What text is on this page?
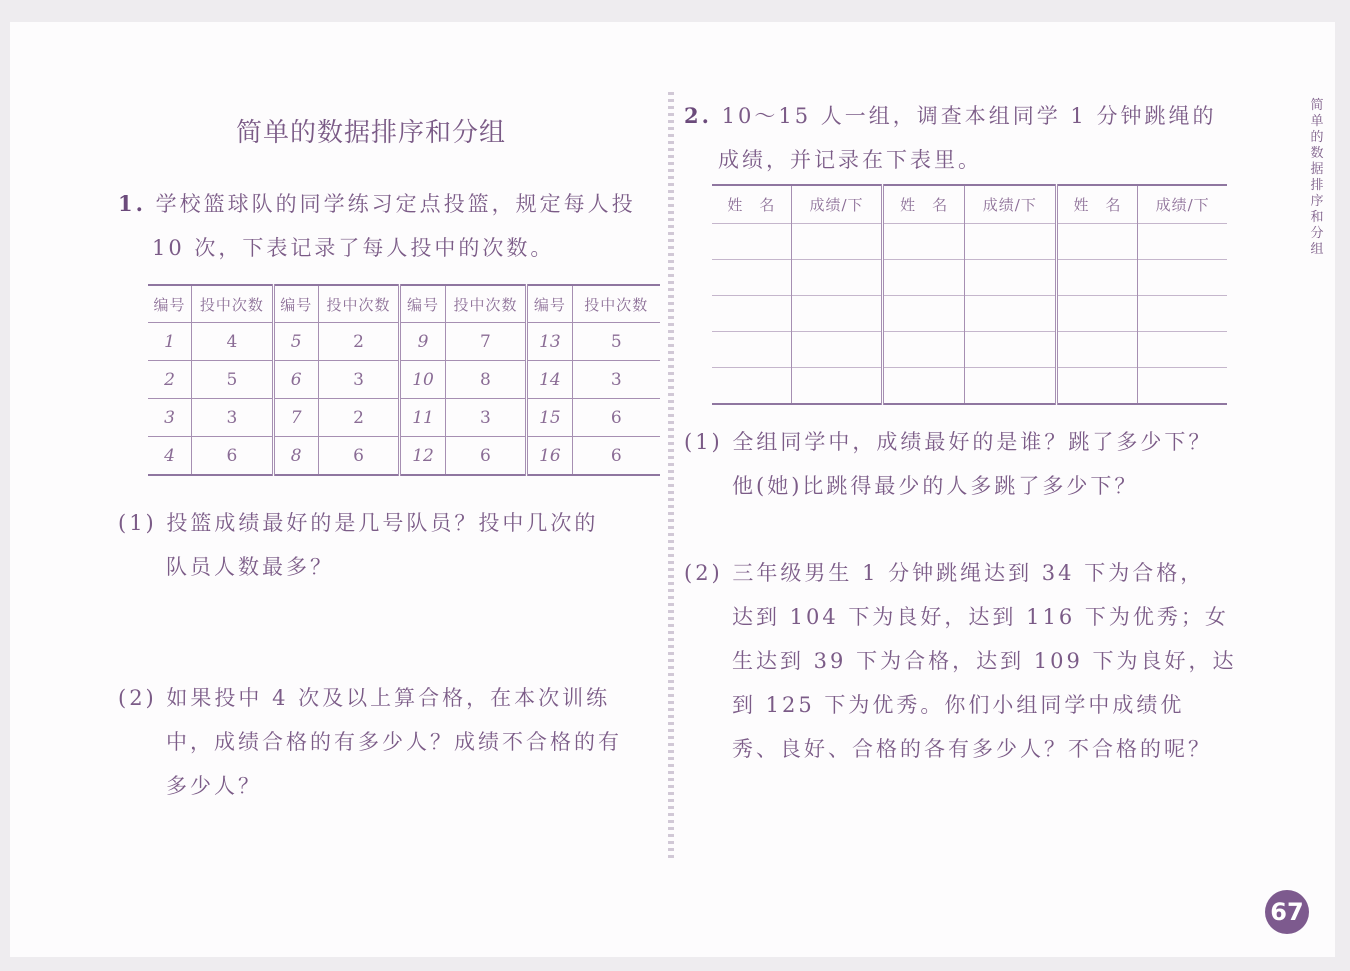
简单的数据排序和分组
1. 学校篮球队的同学练习定点投篮，规定每人投
10 次，下表记录了每人投中的次数。
编号	投中次数	编号	投中次数	编号	投中次数	编号	投中次数
1	4	5	2	9	7	13	5
2	5	6	3	10	8	14	3
3	3	7	2	11	3	15	6
4	6	8	6	12	6	16	6
(1) 投篮成绩最好的是几号队员？投中几次的
队员人数最多？
(2) 如果投中 4 次及以上算合格，在本次训练
中，成绩合格的有多少人？成绩不合格的有
多少人？
2. 10～15 人一组，调查本组同学 1 分钟跳绳的
成绩，并记录在下表里。
姓　名	成绩/下	姓　名	成绩/下	姓　名	成绩/下

(1) 全组同学中，成绩最好的是谁？跳了多少下？
他(她)比跳得最少的人多跳了多少下？
(2) 三年级男生 1 分钟跳绳达到 34 下为合格，
达到 104 下为良好，达到 116 下为优秀；女
生达到 39 下为合格，达到 109 下为良好，达
到 125 下为优秀。你们小组同学中成绩优
秀、良好、合格的各有多少人？不合格的呢？
简单的数据排序和分组
67
